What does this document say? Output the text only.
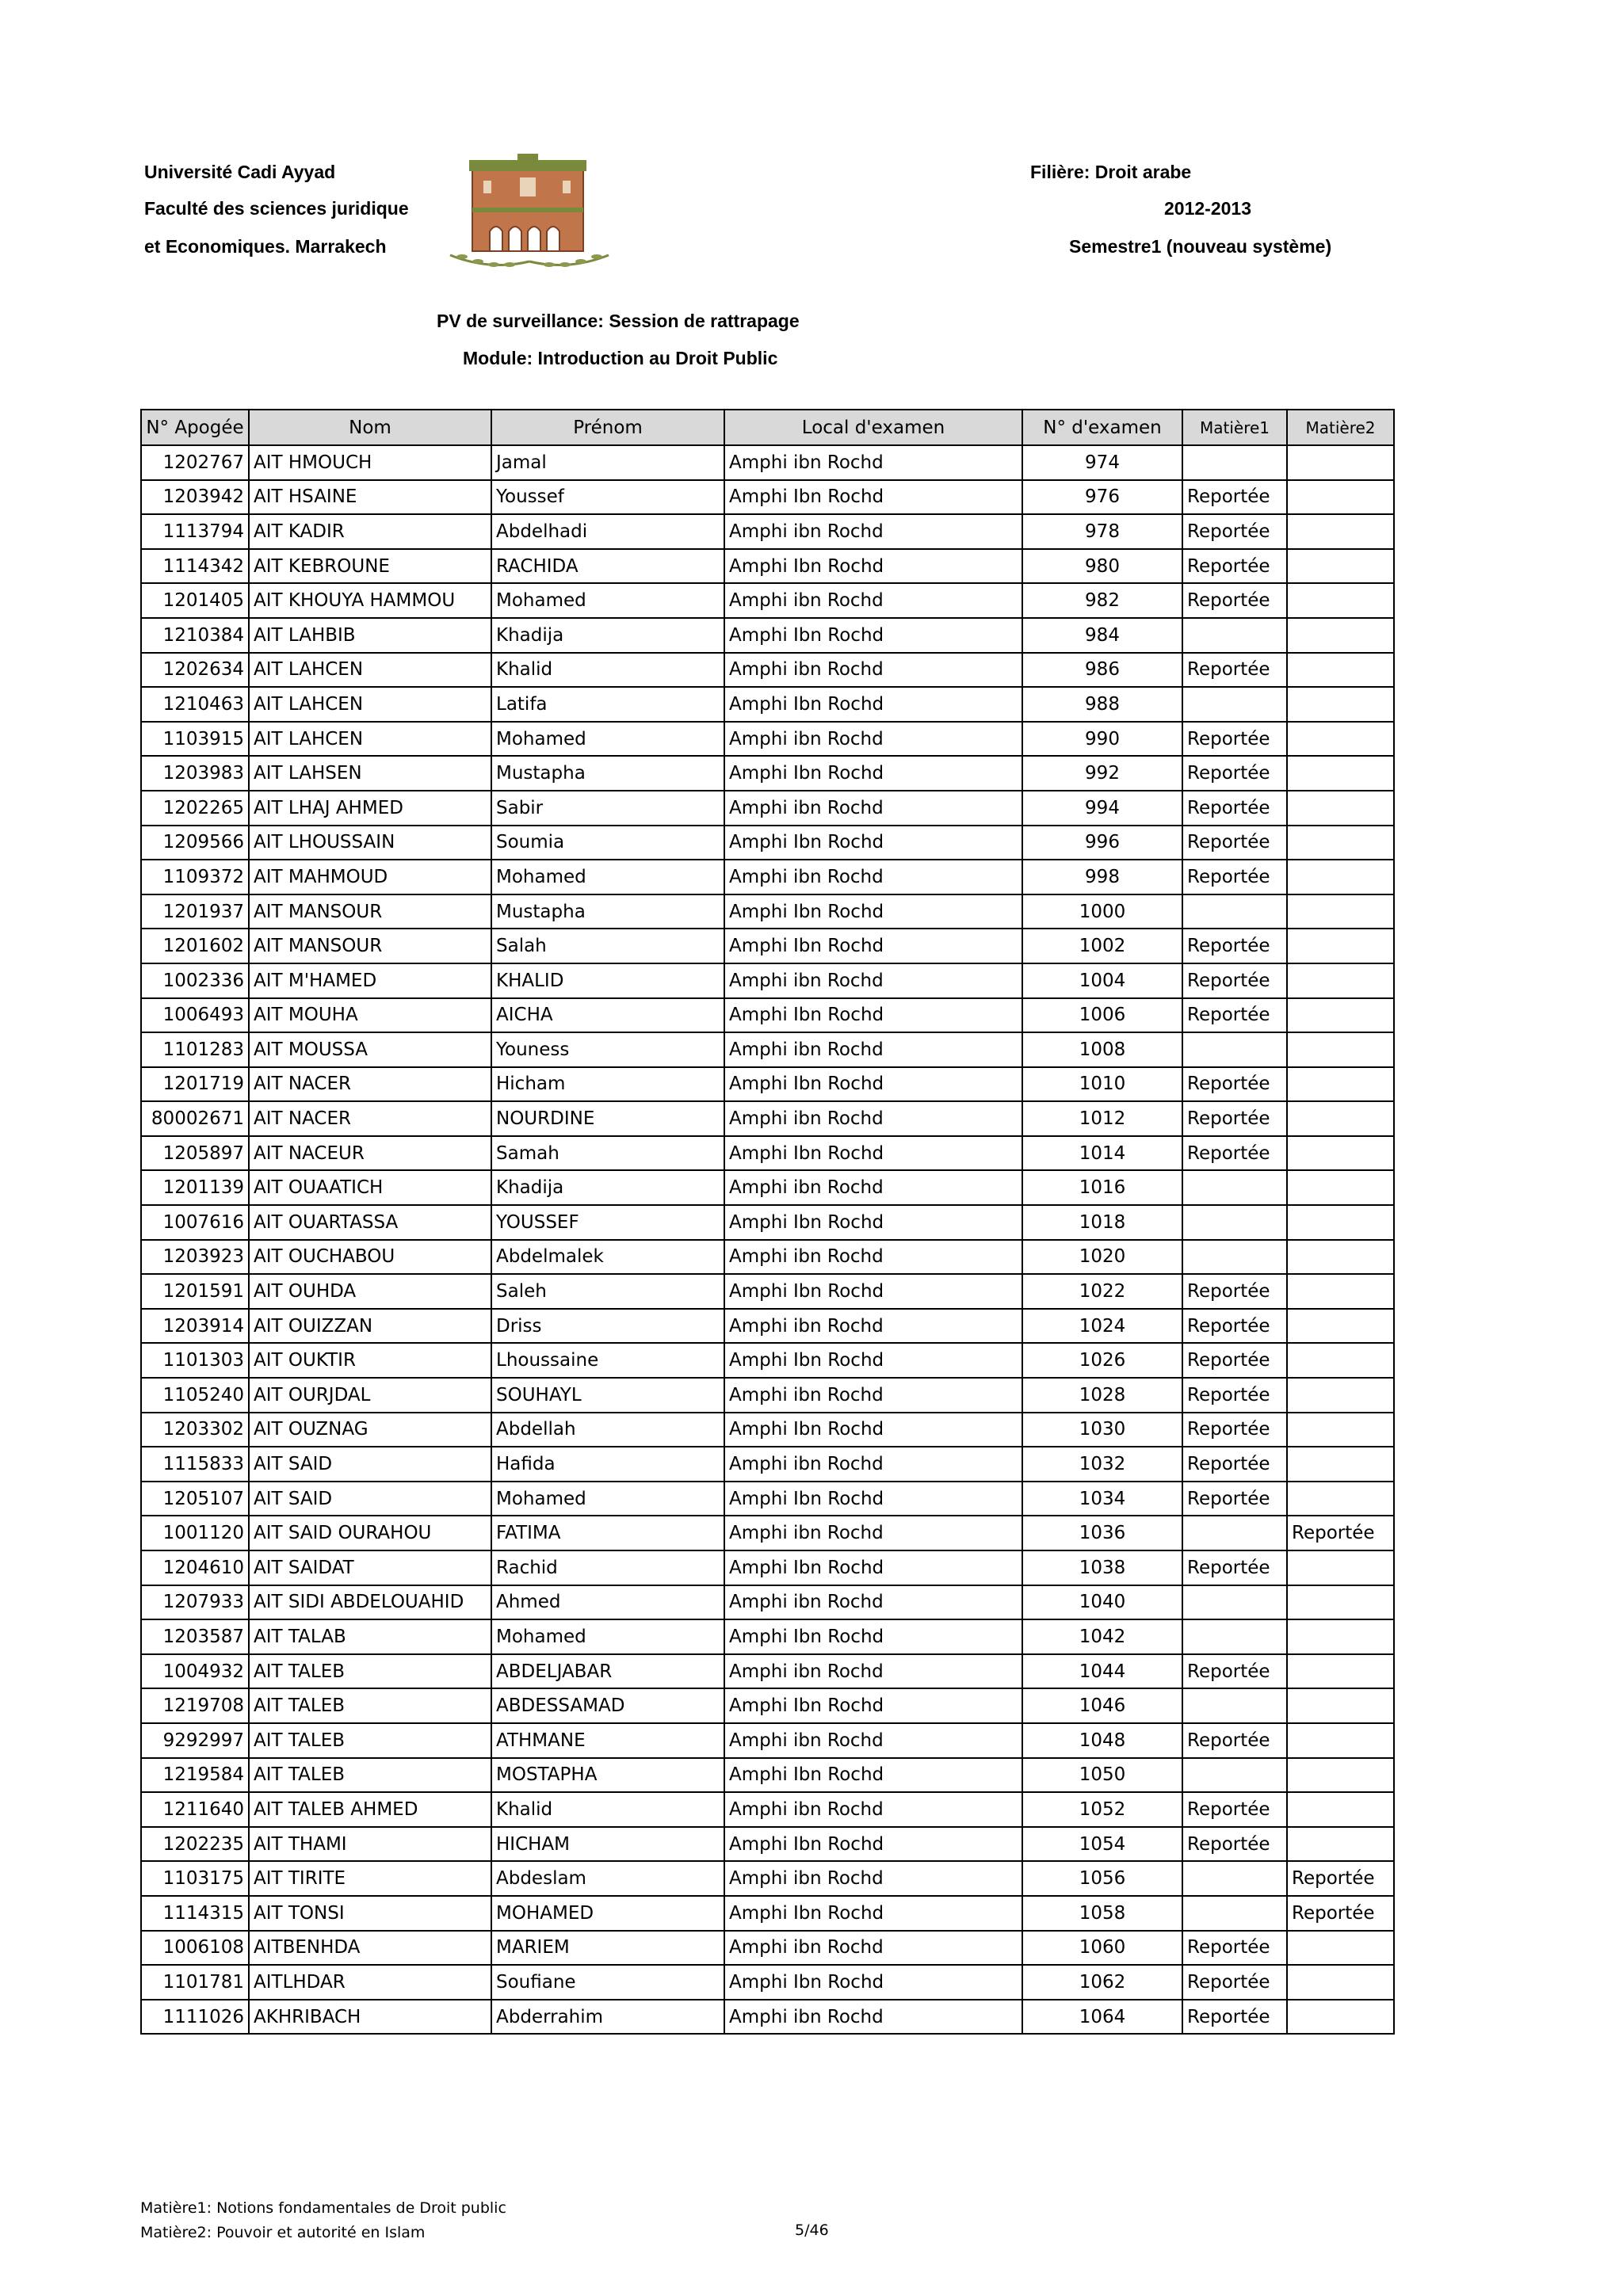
Université Cadi Ayyad
Faculté des sciences juridique
et Economiques. Marrakech
Filière: Droit arabe
2012-2013
Semestre1 (nouveau système)
PV de surveillance: Session de rattrapage
Module: Introduction au Droit Public
N° Apogée	Nom	Prénom	Local d'examen	N° d'examen	Matière1	Matière2
1202767	AIT HMOUCH	Jamal	Amphi ibn Rochd	974		
1203942	AIT HSAINE	Youssef	Amphi Ibn Rochd	976	Reportée	
1113794	AIT KADIR	Abdelhadi	Amphi ibn Rochd	978	Reportée	
1114342	AIT KEBROUNE	RACHIDA	Amphi Ibn Rochd	980	Reportée	
1201405	AIT KHOUYA HAMMOU	Mohamed	Amphi ibn Rochd	982	Reportée	
1210384	AIT LAHBIB	Khadija	Amphi Ibn Rochd	984		
1202634	AIT LAHCEN	Khalid	Amphi ibn Rochd	986	Reportée	
1210463	AIT LAHCEN	Latifa	Amphi Ibn Rochd	988		
1103915	AIT LAHCEN	Mohamed	Amphi ibn Rochd	990	Reportée	
1203983	AIT LAHSEN	Mustapha	Amphi Ibn Rochd	992	Reportée	
1202265	AIT LHAJ AHMED	Sabir	Amphi ibn Rochd	994	Reportée	
1209566	AIT LHOUSSAIN	Soumia	Amphi Ibn Rochd	996	Reportée	
1109372	AIT MAHMOUD	Mohamed	Amphi ibn Rochd	998	Reportée	
1201937	AIT MANSOUR	Mustapha	Amphi Ibn Rochd	1000		
1201602	AIT MANSOUR	Salah	Amphi Ibn Rochd	1002	Reportée	
1002336	AIT M'HAMED	KHALID	Amphi ibn Rochd	1004	Reportée	
1006493	AIT MOUHA	AICHA	Amphi Ibn Rochd	1006	Reportée	
1101283	AIT MOUSSA	Youness	Amphi ibn Rochd	1008		
1201719	AIT NACER	Hicham	Amphi Ibn Rochd	1010	Reportée	
80002671	AIT NACER	NOURDINE	Amphi ibn Rochd	1012	Reportée	
1205897	AIT NACEUR	Samah	Amphi Ibn Rochd	1014	Reportée	
1201139	AIT OUAATICH	Khadija	Amphi ibn Rochd	1016		
1007616	AIT OUARTASSA	YOUSSEF	Amphi Ibn Rochd	1018		
1203923	AIT OUCHABOU	Abdelmalek	Amphi ibn Rochd	1020		
1201591	AIT OUHDA	Saleh	Amphi Ibn Rochd	1022	Reportée	
1203914	AIT OUIZZAN	Driss	Amphi ibn Rochd	1024	Reportée	
1101303	AIT OUKTIR	Lhoussaine	Amphi Ibn Rochd	1026	Reportée	
1105240	AIT OURJDAL	SOUHAYL	Amphi ibn Rochd	1028	Reportée	
1203302	AIT OUZNAG	Abdellah	Amphi Ibn Rochd	1030	Reportée	
1115833	AIT SAID	Hafida	Amphi ibn Rochd	1032	Reportée	
1205107	AIT SAID	Mohamed	Amphi Ibn Rochd	1034	Reportée	
1001120	AIT SAID OURAHOU	FATIMA	Amphi ibn Rochd	1036		Reportée
1204610	AIT SAIDAT	Rachid	Amphi Ibn Rochd	1038	Reportée	
1207933	AIT SIDI ABDELOUAHID	Ahmed	Amphi ibn Rochd	1040		
1203587	AIT TALAB	Mohamed	Amphi Ibn Rochd	1042		
1004932	AIT TALEB	ABDELJABAR	Amphi ibn Rochd	1044	Reportée	
1219708	AIT TALEB	ABDESSAMAD	Amphi Ibn Rochd	1046		
9292997	AIT TALEB	ATHMANE	Amphi ibn Rochd	1048	Reportée	
1219584	AIT TALEB	MOSTAPHA	Amphi Ibn Rochd	1050		
1211640	AIT TALEB AHMED	Khalid	Amphi ibn Rochd	1052	Reportée	
1202235	AIT THAMI	HICHAM	Amphi Ibn Rochd	1054	Reportée	
1103175	AIT TIRITE	Abdeslam	Amphi ibn Rochd	1056		Reportée
1114315	AIT TONSI	MOHAMED	Amphi Ibn Rochd	1058		Reportée
1006108	AITBENHDA	MARIEM	Amphi ibn Rochd	1060	Reportée	
1101781	AITLHDAR	Soufiane	Amphi Ibn Rochd	1062	Reportée	
1111026	AKHRIBACH	Abderrahim	Amphi ibn Rochd	1064	Reportée	
Matière1: Notions fondamentales de Droit public
Matière2: Pouvoir et autorité en Islam	5/46
